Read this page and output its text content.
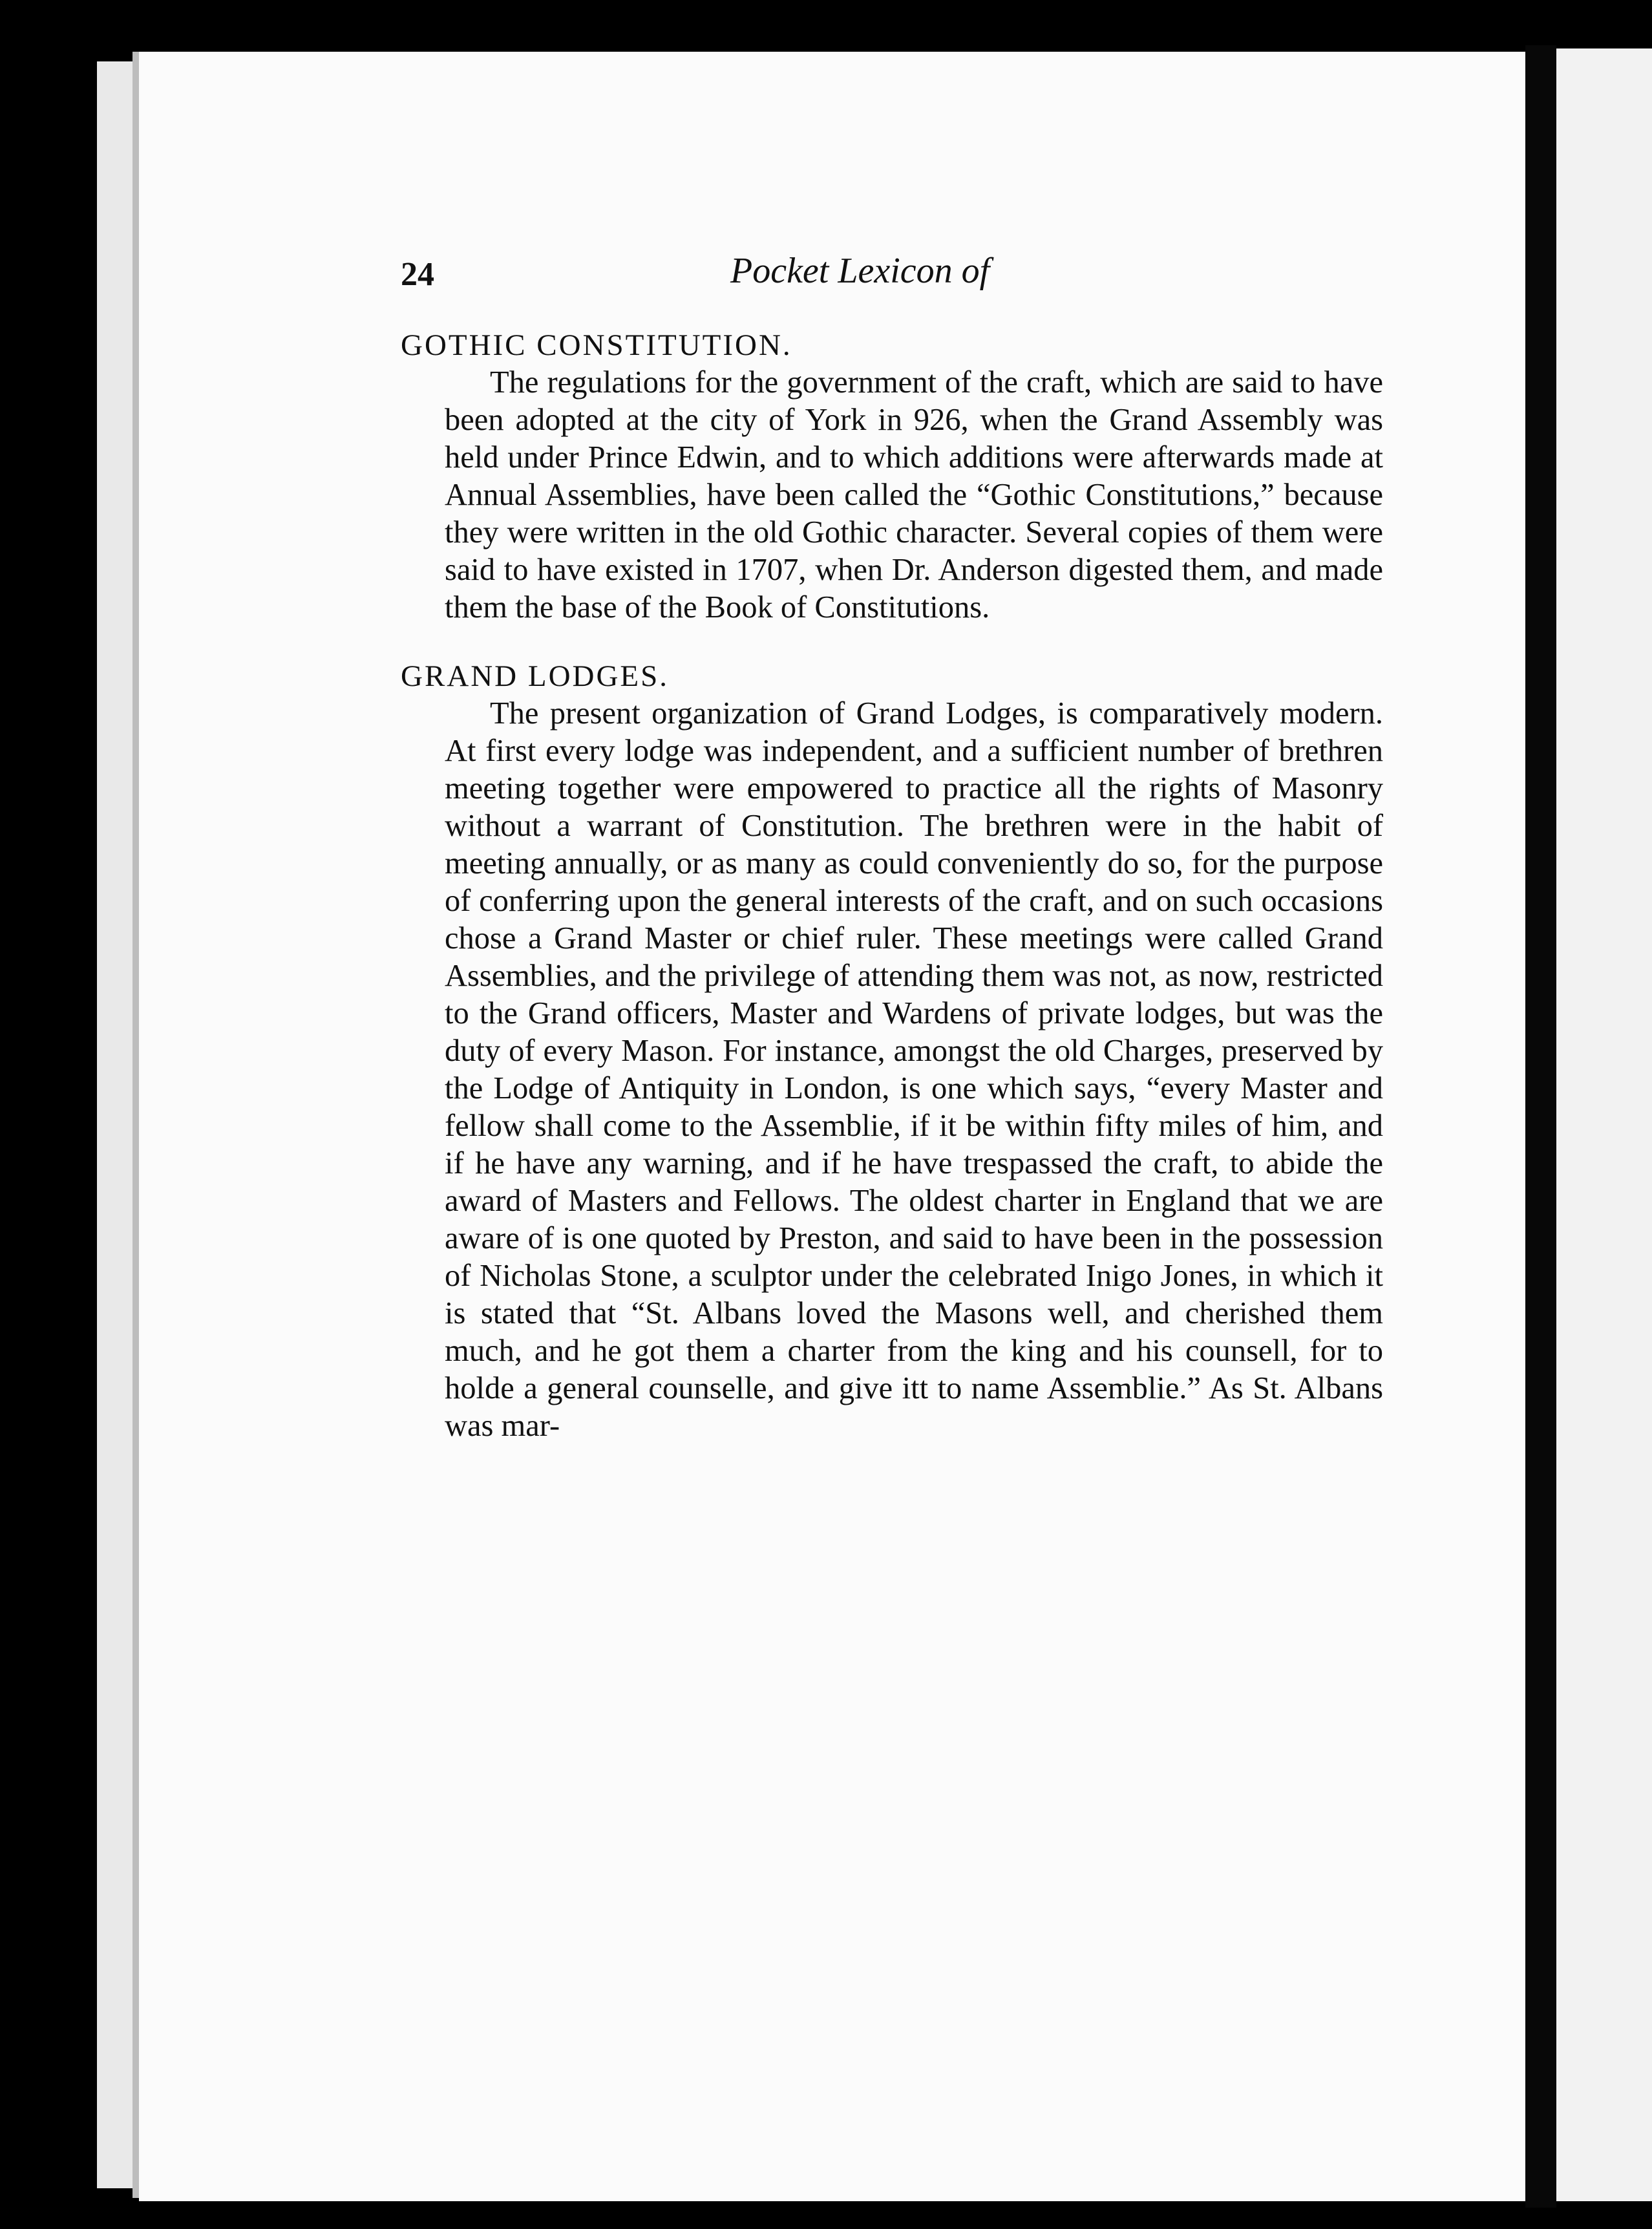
24	Pocket Lexicon of
GOTHIC CONSTITUTION.

The regulations for the government of the craft, which are said to have been adopted at the city of York in 926, when the Grand Assembly was held under Prince Edwin, and to which additions were afterwards made at Annual Assemblies, have been called the “Gothic Constitutions,” because they were written in the old Gothic character. Several copies of them were said to have existed in 1707, when Dr. Anderson digested them, and made them the base of the Book of Constitutions.

GRAND LODGES.

The present organization of Grand Lodges, is comparatively modern. At first every lodge was independent, and a sufficient number of brethren meeting together were empowered to practice all the rights of Masonry without a warrant of Constitution. The brethren were in the habit of meeting annually, or as many as could conveniently do so, for the purpose of conferring upon the general interests of the craft, and on such occasions chose a Grand Master or chief ruler. These meetings were called Grand Assemblies, and the privilege of attending them was not, as now, restricted to the Grand officers, Master and Wardens of private lodges, but was the duty of every Mason. For instance, amongst the old Charges, preserved by the Lodge of Antiquity in London, is one which says, “every Master and fellow shall come to the Assemblie, if it be within fifty miles of him, and if he have any warning, and if he have trespassed the craft, to abide the award of Masters and Fellows. The oldest charter in England that we are aware of is one quoted by Preston, and said to have been in the possession of Nicholas Stone, a sculptor under the celebrated Inigo Jones, in which it is stated that “St. Albans loved the Masons well, and cherished them much, and he got them a charter from the king and his counsell, for to holde a general counselle, and give itt to name Assemblie.” As St. Albans was mar-
